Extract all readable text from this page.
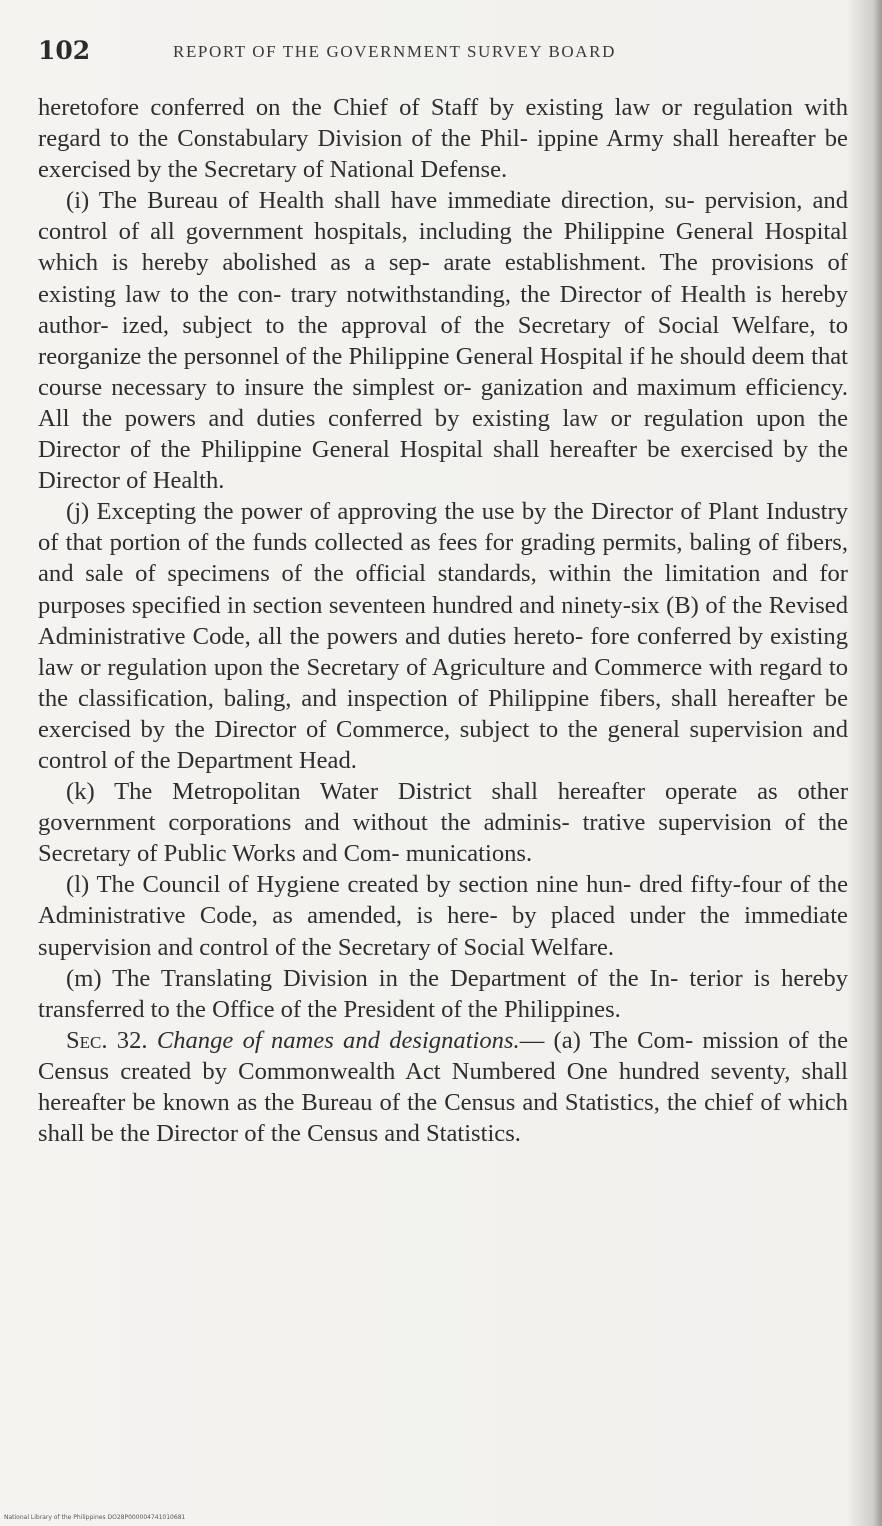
102	REPORT OF THE GOVERNMENT SURVEY BOARD

heretofore conferred on the Chief of Staff by existing law or regulation with regard to the Constabulary Division of the Phil- ippine Army shall hereafter be exercised by the Secretary of National Defense.

(i) The Bureau of Health shall have immediate direction, su- pervision, and control of all government hospitals, including the Philippine General Hospital which is hereby abolished as a sep- arate establishment. The provisions of existing law to the con- trary notwithstanding, the Director of Health is hereby author- ized, subject to the approval of the Secretary of Social Welfare, to reorganize the personnel of the Philippine General Hospital if he should deem that course necessary to insure the simplest or- ganization and maximum efficiency. All the powers and duties conferred by existing law or regulation upon the Director of the Philippine General Hospital shall hereafter be exercised by the Director of Health.

(j) Excepting the power of approving the use by the Director of Plant Industry of that portion of the funds collected as fees for grading permits, baling of fibers, and sale of specimens of the official standards, within the limitation and for purposes specified in section seventeen hundred and ninety-six (B) of the Revised Administrative Code, all the powers and duties hereto- fore conferred by existing law or regulation upon the Secretary of Agriculture and Commerce with regard to the classification, baling, and inspection of Philippine fibers, shall hereafter be exercised by the Director of Commerce, subject to the general supervision and control of the Department Head.

(k) The Metropolitan Water District shall hereafter operate as other government corporations and without the adminis- trative supervision of the Secretary of Public Works and Com- munications.

(l) The Council of Hygiene created by section nine hun- dred fifty-four of the Administrative Code, as amended, is here- by placed under the immediate supervision and control of the Secretary of Social Welfare.

(m) The Translating Division in the Department of the In- terior is hereby transferred to the Office of the President of the Philippines.

Sec. 32. Change of names and designations.— (a) The Com- mission of the Census created by Commonwealth Act Numbered One hundred seventy, shall hereafter be known as the Bureau of the Census and Statistics, the chief of which shall be the Director of the Census and Statistics.

National Library of the Philippines DO28P000004741010681
